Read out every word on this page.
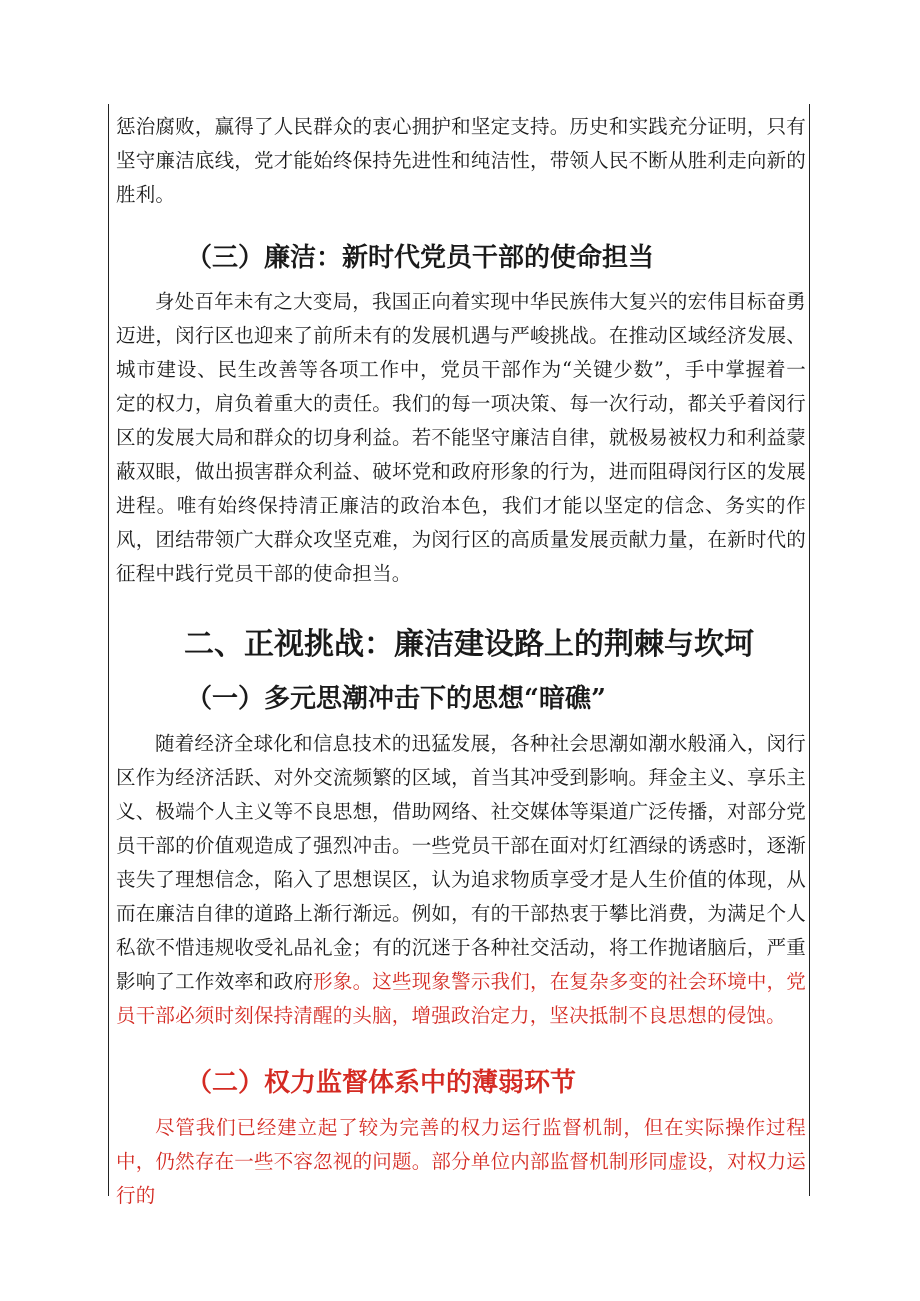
惩治腐败，赢得了人民群众的衷心拥护和坚定支持。历史和实践充分证明，只有坚守廉洁底线，党才能始终保持先进性和纯洁性，带领人民不断从胜利走向新的胜利。

（三）廉洁：新时代党员干部的使命担当

身处百年未有之大变局，我国正向着实现中华民族伟大复兴的宏伟目标奋勇迈进，闵行区也迎来了前所未有的发展机遇与严峻挑战。在推动区域经济发展、城市建设、民生改善等各项工作中，党员干部作为“关键少数”，手中掌握着一定的权力，肩负着重大的责任。我们的每一项决策、每一次行动，都关乎着闵行区的发展大局和群众的切身利益。若不能坚守廉洁自律，就极易被权力和利益蒙蔽双眼，做出损害群众利益、破坏党和政府形象的行为，进而阻碍闵行区的发展进程。唯有始终保持清正廉洁的政治本色，我们才能以坚定的信念、务实的作风，团结带领广大群众攻坚克难，为闵行区的高质量发展贡献力量，在新时代的征程中践行党员干部的使命担当。

二、正视挑战：廉洁建设路上的荆棘与坎坷
（一）多元思潮冲击下的思想“暗礁”

随着经济全球化和信息技术的迅猛发展，各种社会思潮如潮水般涌入，闵行区作为经济活跃、对外交流频繁的区域，首当其冲受到影响。拜金主义、享乐主义、极端个人主义等不良思想，借助网络、社交媒体等渠道广泛传播，对部分党员干部的价值观造成了强烈冲击。一些党员干部在面对灯红酒绿的诱惑时，逐渐丧失了理想信念，陷入了思想误区，认为追求物质享受才是人生价值的体现，从而在廉洁自律的道路上渐行渐远。例如，有的干部热衷于攀比消费，为满足个人私欲不惜违规收受礼品礼金；有的沉迷于各种社交活动，将工作抛诸脑后，严重影响了工作效率和政府形象。这些现象警示我们，在复杂多变的社会环境中，党员干部必须时刻保持清醒的头脑，增强政治定力，坚决抵制不良思想的侵蚀。

（二）权力监督体系中的薄弱环节

尽管我们已经建立起了较为完善的权力运行监督机制，但在实际操作过程中，仍然存在一些不容忽视的问题。部分单位内部监督机制形同虚设，对权力运行的
